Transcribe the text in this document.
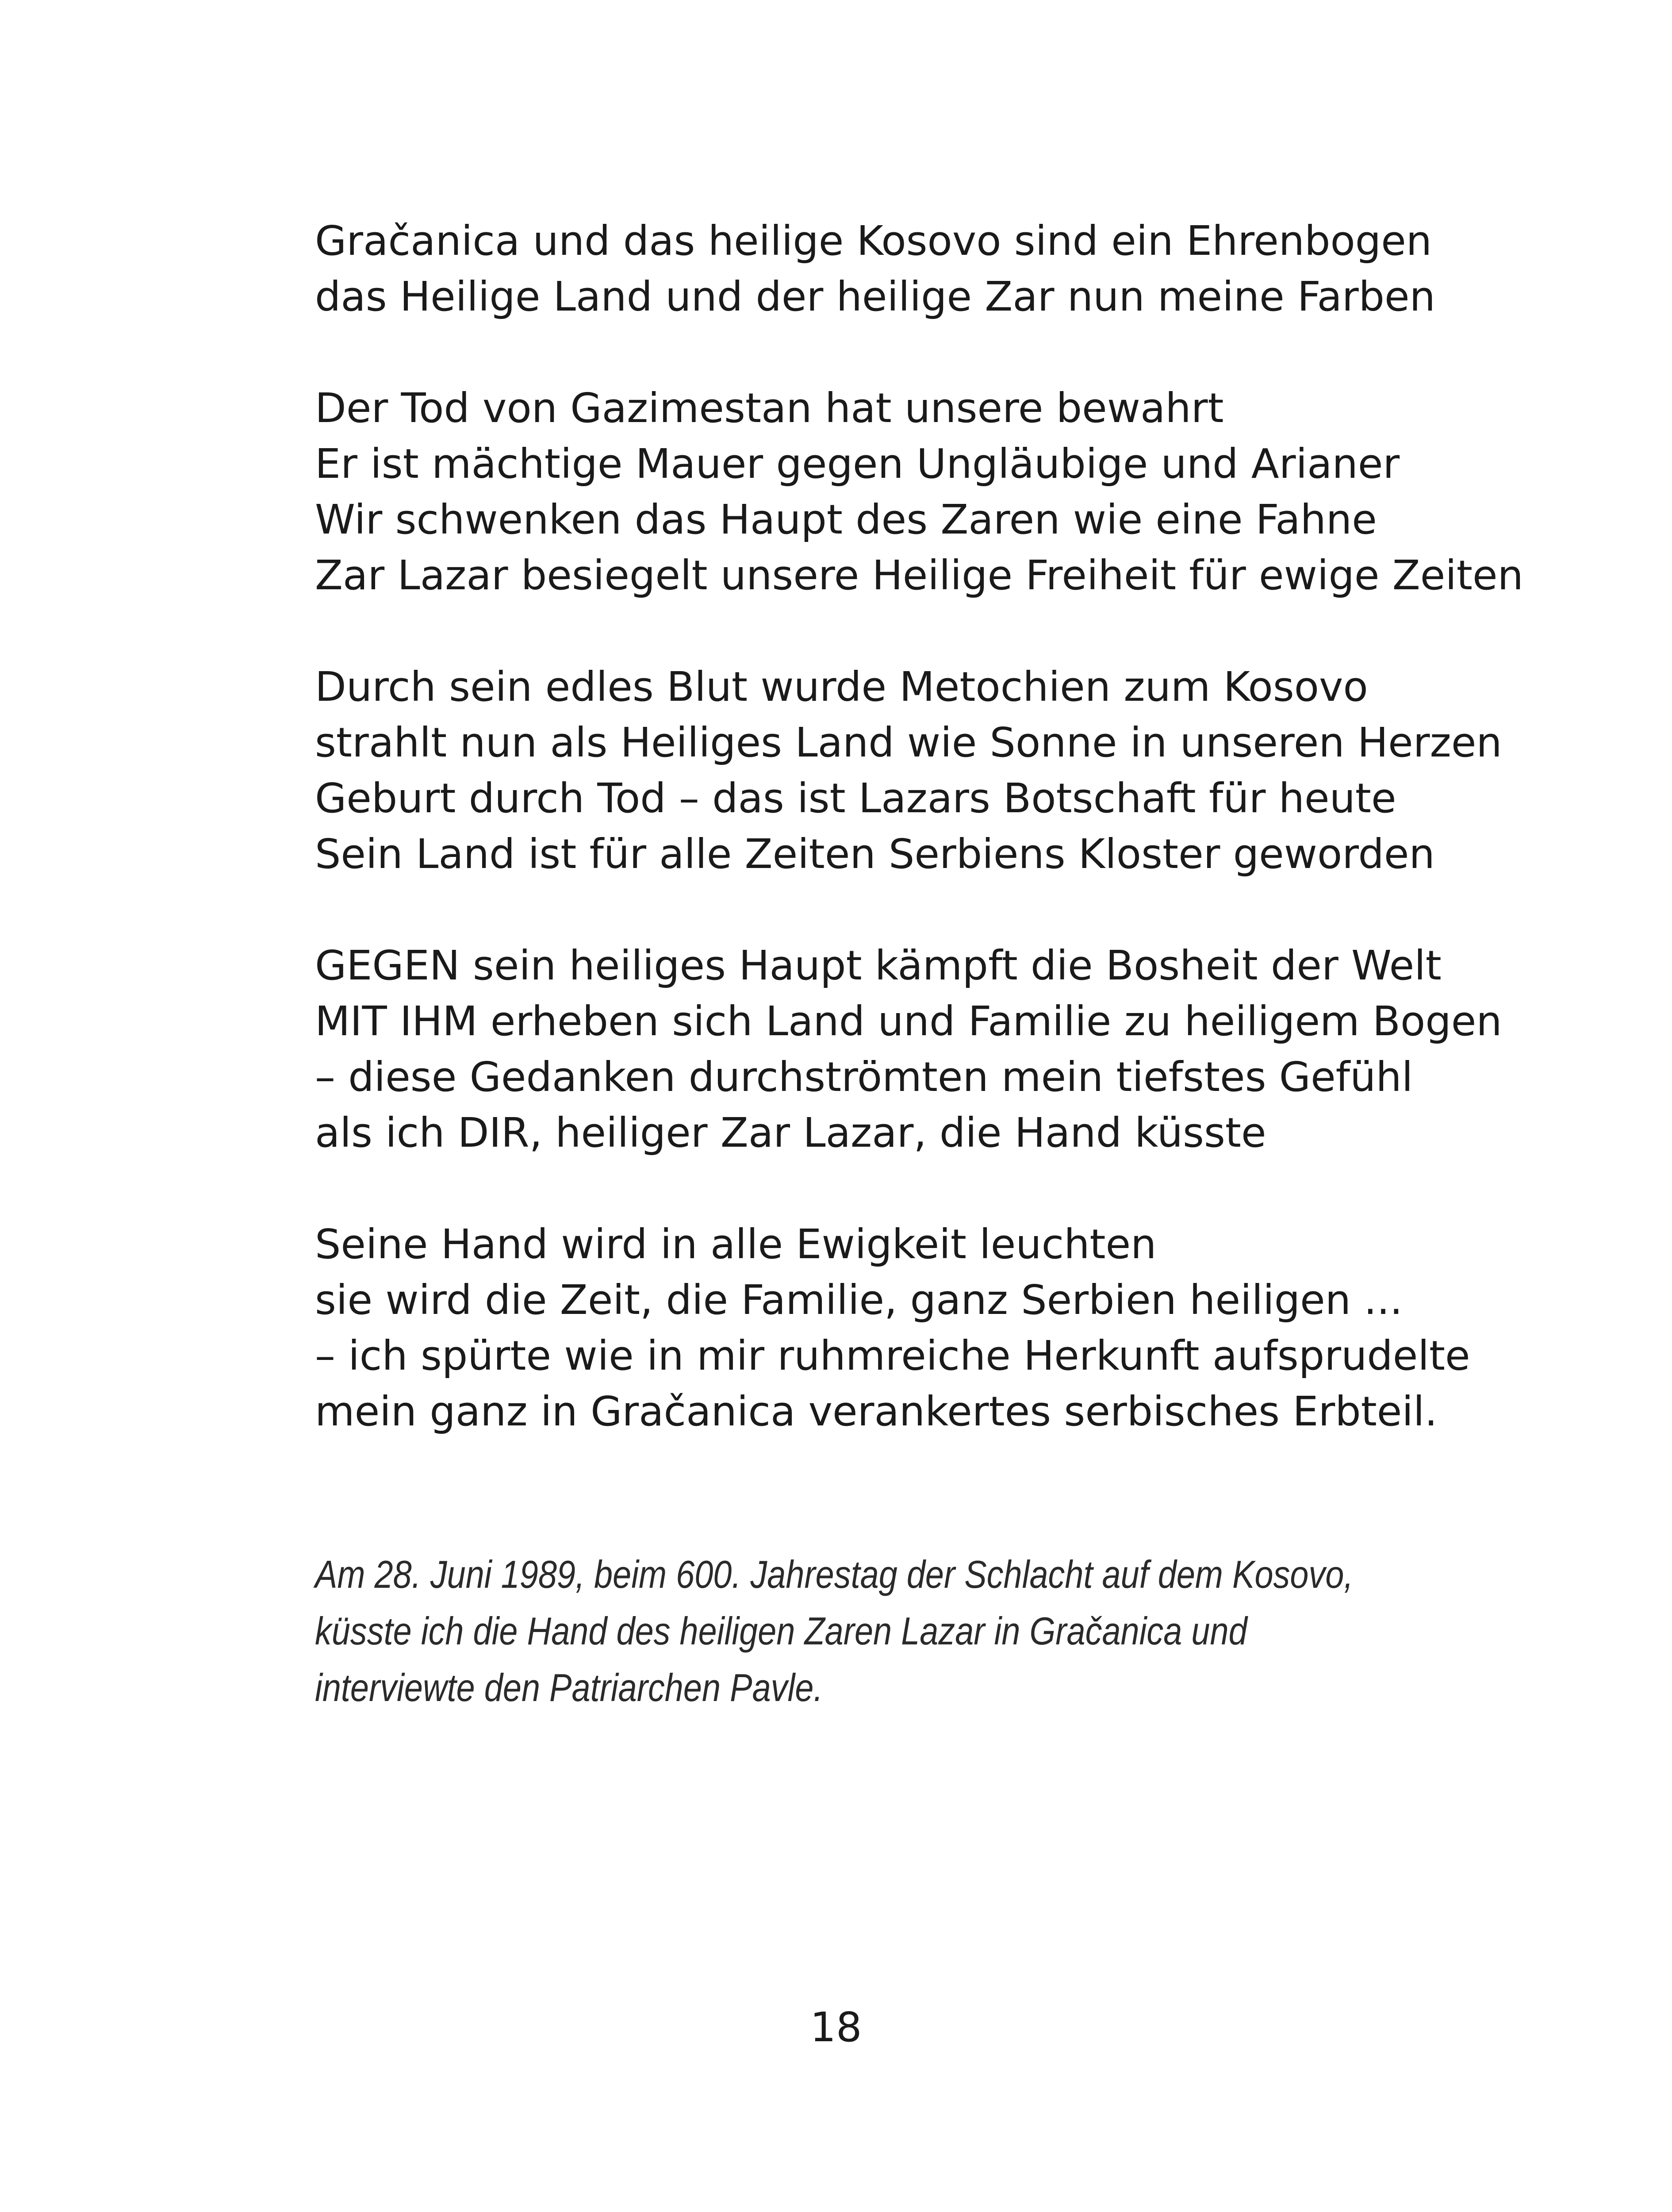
Gračanica und das heilige Kosovo sind ein Ehrenbogen
das Heilige Land und der heilige Zar nun meine Farben

Der Tod von Gazimestan hat unsere bewahrt
Er ist mächtige Mauer gegen Ungläubige und Arianer
Wir schwenken das Haupt des Zaren wie eine Fahne
Zar Lazar besiegelt unsere Heilige Freiheit für ewige Zeiten

Durch sein edles Blut wurde Metochien zum Kosovo
strahlt nun als Heiliges Land wie Sonne in unseren Herzen
Geburt durch Tod – das ist Lazars Botschaft für heute
Sein Land ist für alle Zeiten Serbiens Kloster geworden

GEGEN sein heiliges Haupt kämpft die Bosheit der Welt
MIT IHM erheben sich Land und Familie zu heiligem Bogen
– diese Gedanken durchströmten mein tiefstes Gefühl
als ich DIR, heiliger Zar Lazar, die Hand küsste

Seine Hand wird in alle Ewigkeit leuchten
sie wird die Zeit, die Familie, ganz Serbien heiligen ...
– ich spürte wie in mir ruhmreiche Herkunft aufsprudelte
mein ganz in Gračanica verankertes serbisches Erbteil.

Am 28. Juni 1989, beim 600. Jahrestag der Schlacht auf dem Kosovo,
küsste ich die Hand des heiligen Zaren Lazar in Gračanica und
interviewte den Patriarchen Pavle.
18
